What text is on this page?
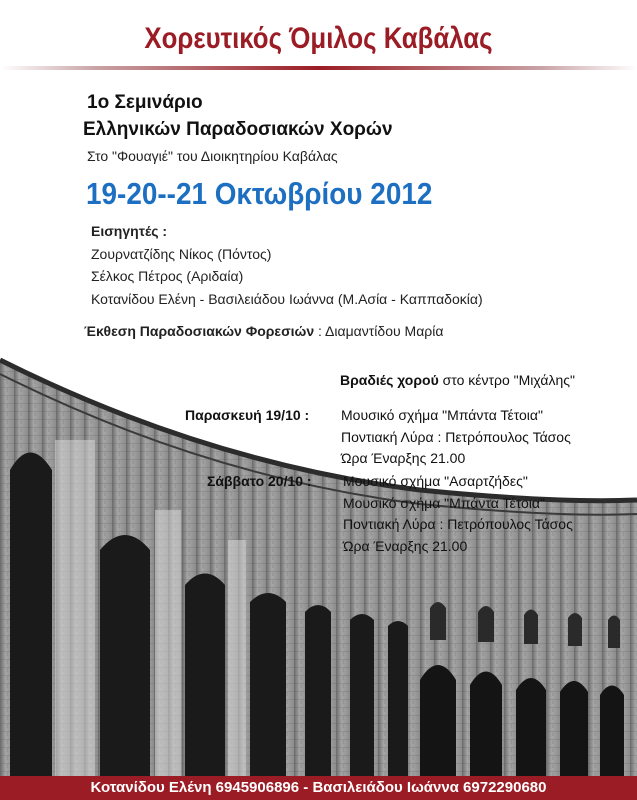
Χορευτικός Όμιλος Καβάλας
1ο Σεμινάριο
Ελληνικών Παραδοσιακών Χορών
Στο "Φουαγιέ" του Διοικητηρίου Καβάλας
19-20--21 Οκτωβρίου 2012
Εισηγητές :
Ζουρνατζίδης Νίκος (Πόντος)
Σέλκος Πέτρος (Αριδαία)
Κοτανίδου Ελένη - Βασιλειάδου Ιωάννα (Μ.Ασία - Καππαδοκία)
Έκθεση Παραδοσιακών Φορεσιών : Διαμαντίδου Μαρία
Βραδιές χορού στο κέντρο "Μιχάλης"
Παρασκευή 19/10 : Μουσικό σχήμα "Μπάντα Τέτοια"
Ποντιακή Λύρα : Πετρόπουλος Τάσος
Ώρα Έναρξης 21.00
Σάββατο 20/10 : Μουσικό σχήμα "Ασαρτζήδες"
Μουσικό σχήμα "Μπάντα Τέτοια"
Ποντιακή Λύρα : Πετρόπουλος Τάσος
Ώρα Έναρξης 21.00
Κοτανίδου Ελένη 6945906896 - Βασιλειάδου Ιωάννα 6972290680
